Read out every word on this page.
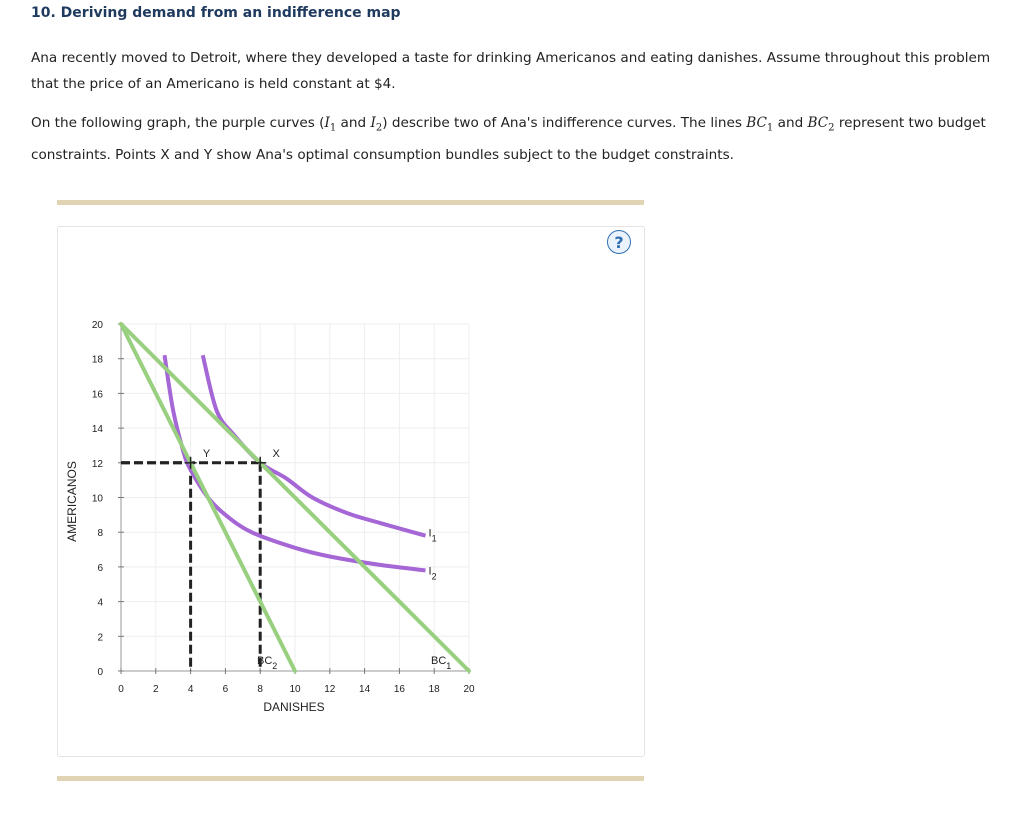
10. Deriving demand from an indifference map
Ana recently moved to Detroit, where they developed a taste for drinking Americanos and eating danishes. Assume throughout this problem that the price of an Americano is held constant at $4.
On the following graph, the purple curves ($I_1$ and $I_2$) describe two of Ana's indifference curves. The lines $BC_1$ and $BC_2$ represent two budget constraints. Points X and Y show Ana's optimal consumption bundles subject to the budget constraints.
?
0	2	4	6	8	10 12 14 16 18 20
0
2
4
6
8
10
12
14
16
18
20
DANISHES
AMERICANOS
X
Y
$BC_1$
$BC_2$
$I_1$
$I_2$
